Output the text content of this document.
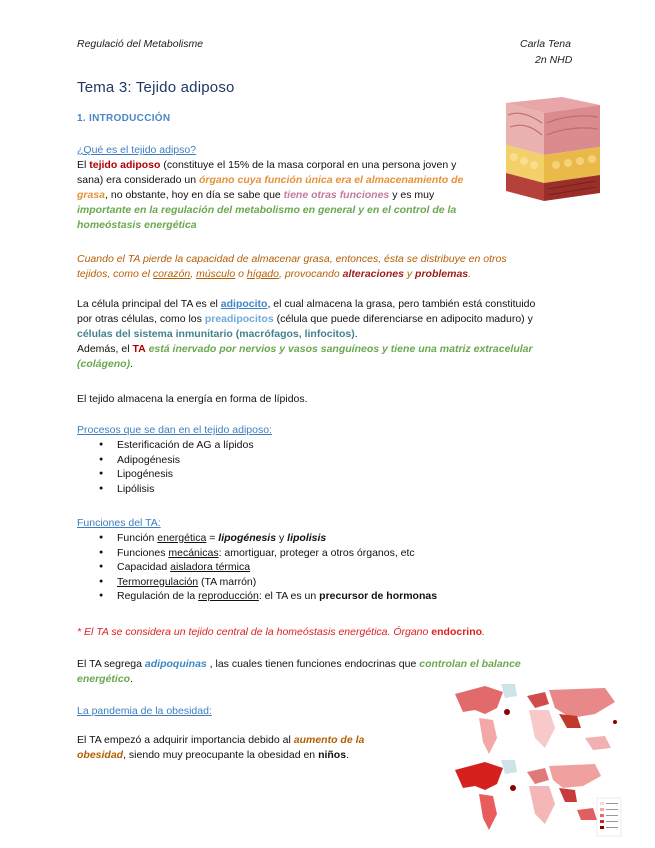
Regulació del Metabolisme	Carla Tena
2n NHD
Tema 3: Tejido adiposo
1. INTRODUCCIÓN
¿Qué es el tejido adipso?
El tejido adiposo (constituye el 15% de la masa corporal en una persona joven y sana) era considerado un órgano cuya función única era el almacenamiento de grasa, no obstante, hoy en día se sabe que tiene otras funciones y es muy importante en la regulación del metabolismo en general y en el control de la homeóstasis energética
Cuando el TA pierde la capacidad de almacenar grasa, entonces, ésta se distribuye en otros tejidos, como el corazón, músculo o hígado, provocando alteraciones y problemas.
La célula principal del TA es el adipocito, el cual almacena la grasa, pero también está constituido por otras células, como los preadipocitos (célula que puede diferenciarse en adipocito maduro) y células del sistema inmunitario (macrófagos, linfocitos).
Además, el TA está inervado por nervios y vasos sanguíneos y tiene una matriz extracelular (colágeno).
El tejido almacena la energía en forma de lípidos.
Procesos que se dan en el tejido adiposo:
● Esterificación de AG a lípidos
● Adipogénesis
● Lipogénesis
● Lipólisis
Funciones del TA:
● Función energética = lipogénesis y lipolisis
● Funciones mecánicas: amortiguar, proteger a otros órganos, etc
● Capacidad aisladora térmica
● Termorregulación (TA marrón)
● Regulación de la reproducción: el TA es un precursor de hormonas
* El TA se considera un tejido central de la homeóstasis energética. Órgano endocrino.
El TA segrega adipoquinas , las cuales tienen funciones endocrinas que controlan el balance energético.
La pandemia de la obesidad:
El TA empezó a adquirir importancia debido al aumento de la obesidad, siendo muy preocupante la obesidad en niños.
